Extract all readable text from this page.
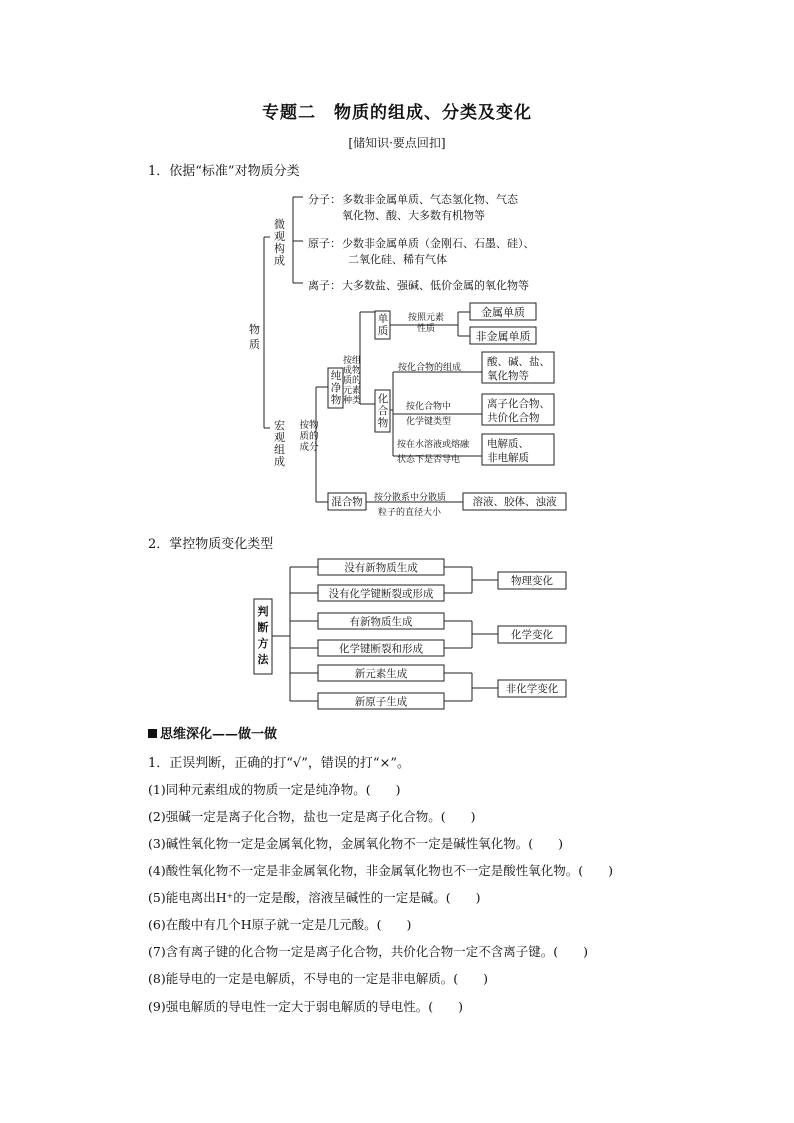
专题二　物质的组成、分类及变化
[储知识·要点回扣]
1．依据“标准”对物质分类
物质
微观构成
宏观组成
按物质的成分
分子： 多数非金属单质、气态氢化物、气态
氧化物、酸、大多数有机物等
原子： 少数非金属单质（金刚石、石墨、硅）、
二氧化硅、稀有气体
离子： 大多数盐、强碱、低价金属的氧化物等
纯净物
按组成物质的元素种类
单质
按照元素性质
金属单质
非金属单质
化合物
按化合物的组成 酸、碱、盐、
氧化物等
按化合物中
化学键类型
离子化合物、
共价化合物
按在水溶液或熔融
状态下是否导电
电解质、
非电解质
混合物	按分散系中分散质
粒子的直径大小
溶液、胶体、浊液
2．掌控物质变化类型
判断方法
没有新物质生成
没有化学键断裂或形成
有新物质生成
化学键断裂和形成
新元素生成
新原子生成
物理变化
化学变化
非化学变化
思维深化——做一做
1．正误判断，正确的打“√”，错误的打“×”。
(1)同种元素组成的物质一定是纯净物。(　　)
(2)强碱一定是离子化合物，盐也一定是离子化合物。(　　)
(3)碱性氧化物一定是金属氧化物，金属氧化物不一定是碱性氧化物。(　　)
(4)酸性氧化物不一定是非金属氧化物，非金属氧化物也不一定是酸性氧化物。(　　)
(5)能电离出H⁺的一定是酸，溶液呈碱性的一定是碱。(　　)
(6)在酸中有几个H原子就一定是几元酸。(　　)
(7)含有离子键的化合物一定是离子化合物，共价化合物一定不含离子键。(　　)
(8)能导电的一定是电解质，不导电的一定是非电解质。(　　)
(9)强电解质的导电性一定大于弱电解质的导电性。(　　)
